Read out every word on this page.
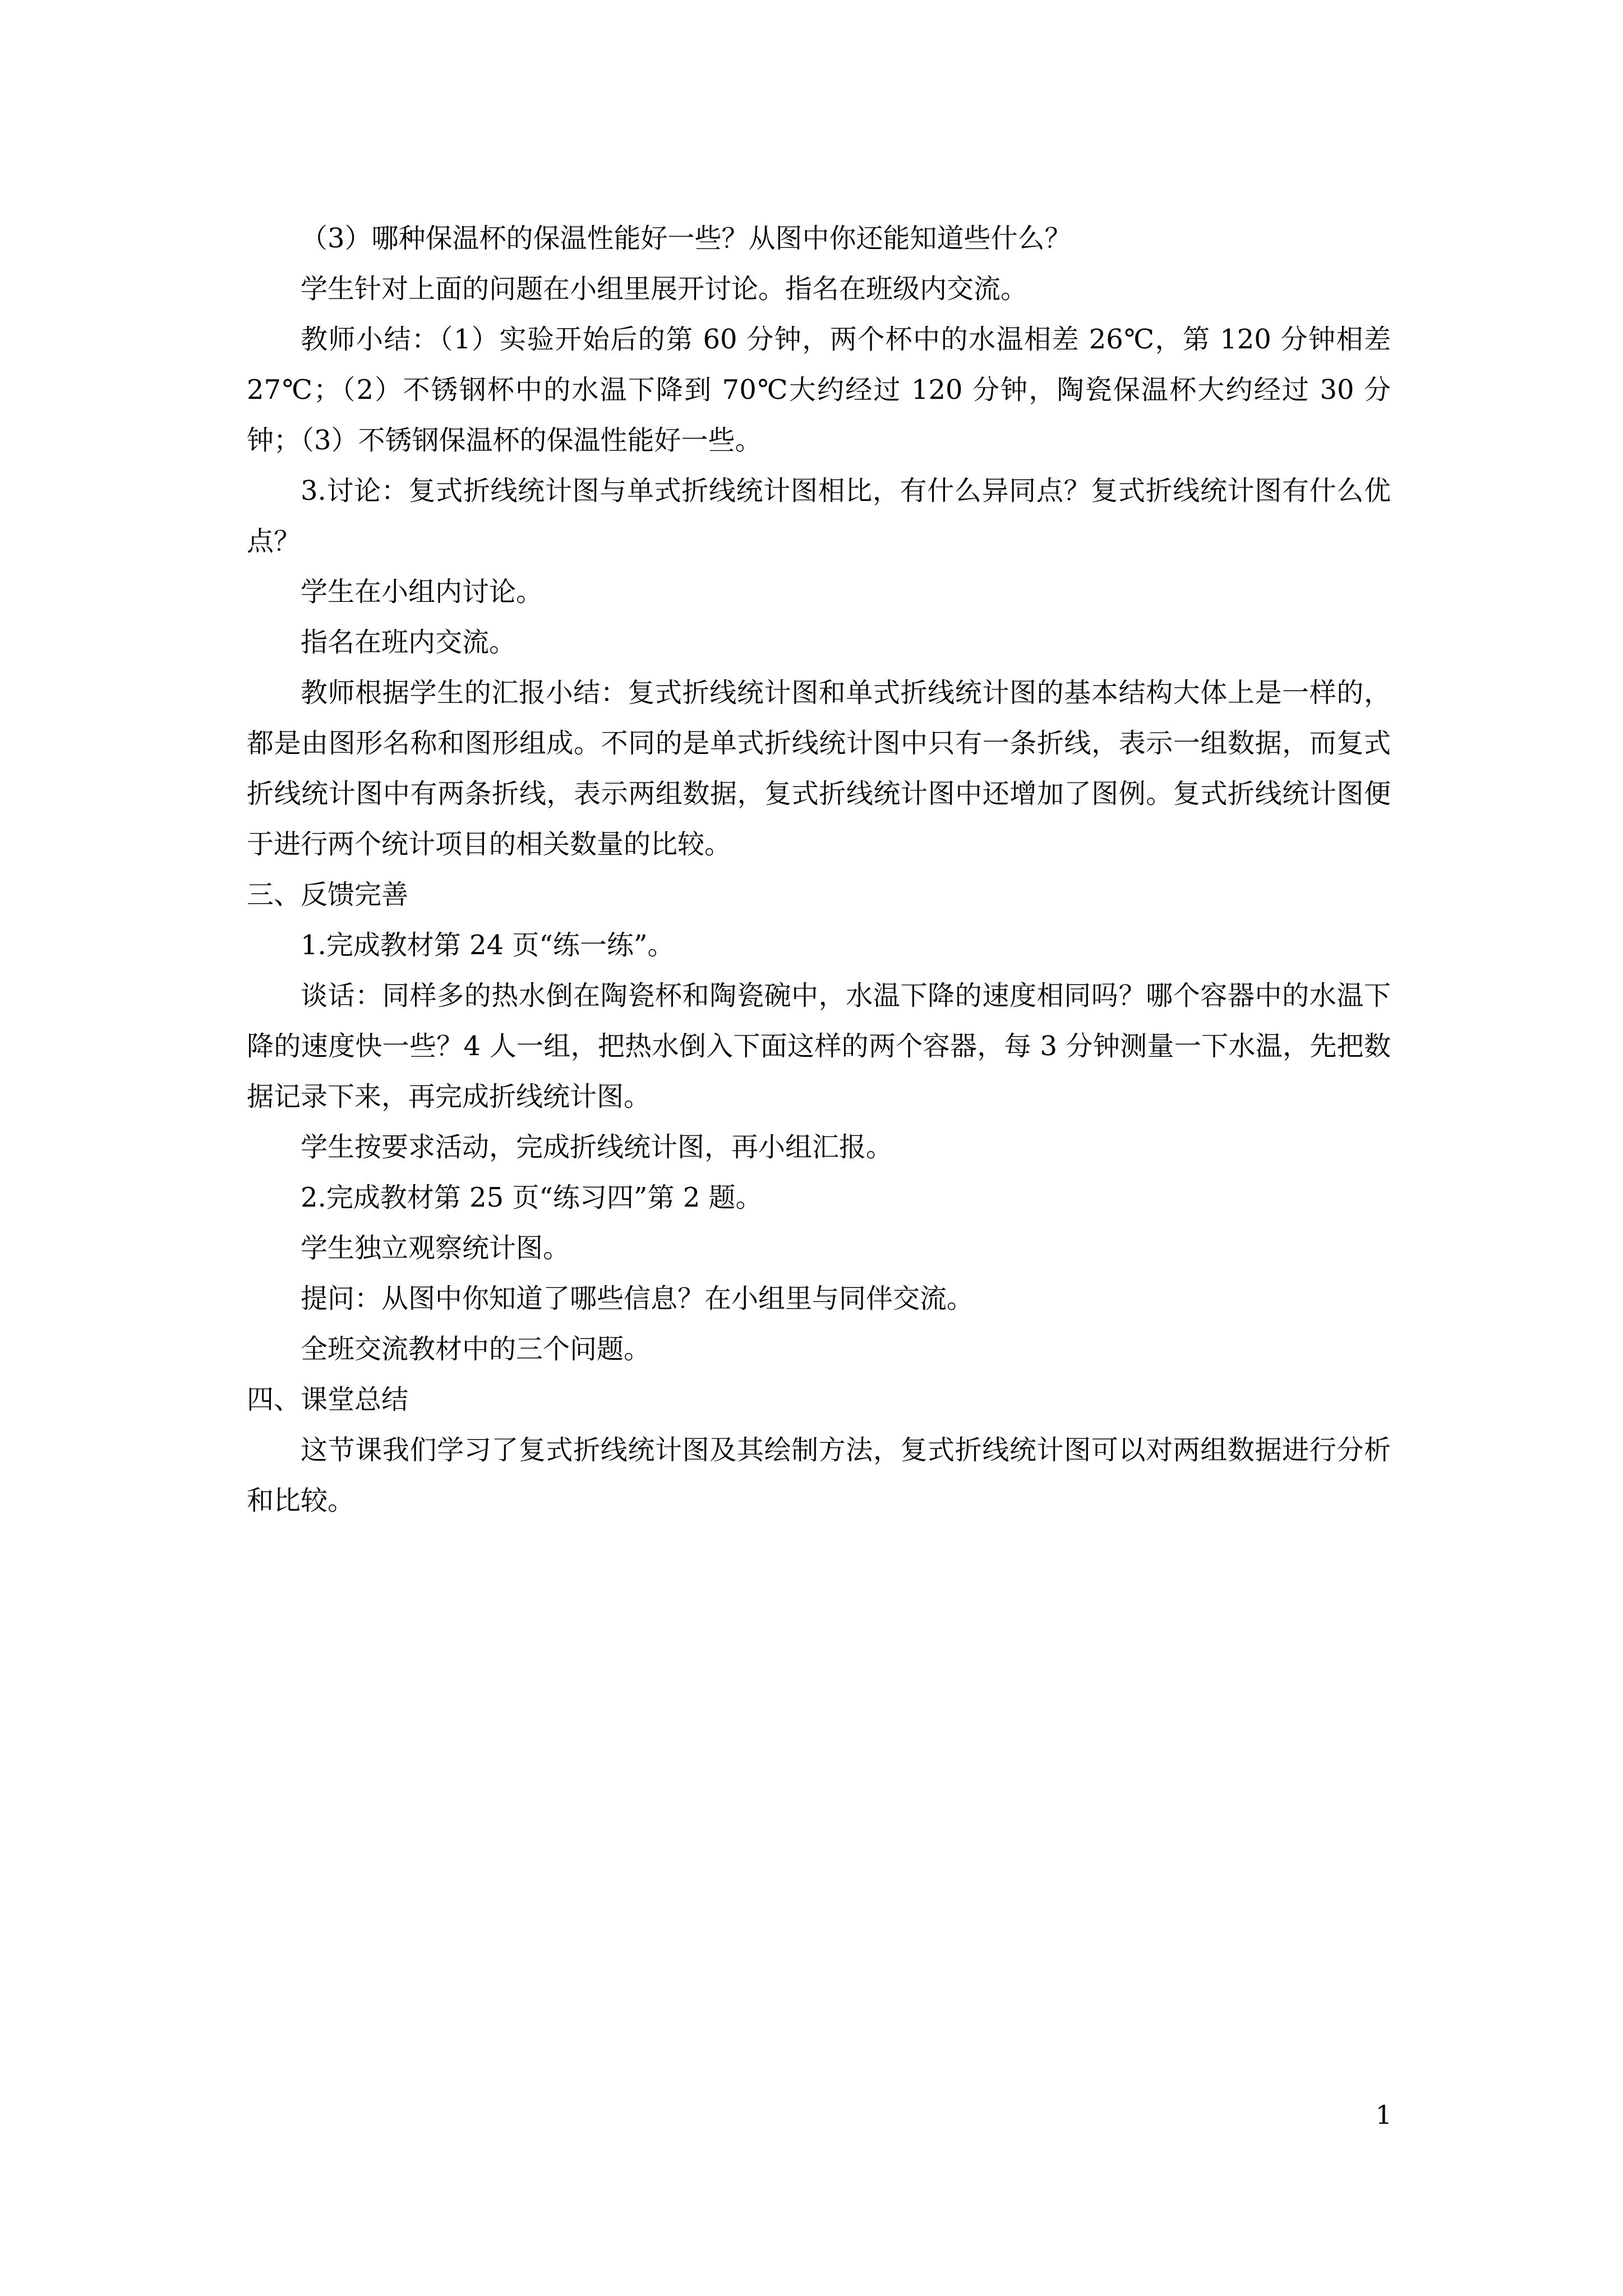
（3）哪种保温杯的保温性能好一些？从图中你还能知道些什么？

学生针对上面的问题在小组里展开讨论。指名在班级内交流。

教师小结：（1）实验开始后的第 60 分钟，两个杯中的水温相差 26℃，第 120 分钟相差 27℃；（2）不锈钢杯中的水温下降到 70℃大约经过 120 分钟，陶瓷保温杯大约经过 30 分钟；（3）不锈钢保温杯的保温性能好一些。

3.讨论：复式折线统计图与单式折线统计图相比，有什么异同点？复式折线统计图有什么优点？

学生在小组内讨论。

指名在班内交流。

教师根据学生的汇报小结：复式折线统计图和单式折线统计图的基本结构大体上是一样的，都是由图形名称和图形组成。不同的是单式折线统计图中只有一条折线，表示一组数据，而复式折线统计图中有两条折线，表示两组数据，复式折线统计图中还增加了图例。复式折线统计图便于进行两个统计项目的相关数量的比较。

三、反馈完善

1.完成教材第 24 页“练一练”。

谈话：同样多的热水倒在陶瓷杯和陶瓷碗中，水温下降的速度相同吗？哪个容器中的水温下降的速度快一些？4 人一组，把热水倒入下面这样的两个容器，每 3 分钟测量一下水温，先把数据记录下来，再完成折线统计图。

学生按要求活动，完成折线统计图，再小组汇报。

2.完成教材第 25 页“练习四”第 2 题。

学生独立观察统计图。

提问：从图中你知道了哪些信息？在小组里与同伴交流。

全班交流教材中的三个问题。

四、课堂总结

这节课我们学习了复式折线统计图及其绘制方法，复式折线统计图可以对两组数据进行分析和比较。

1
